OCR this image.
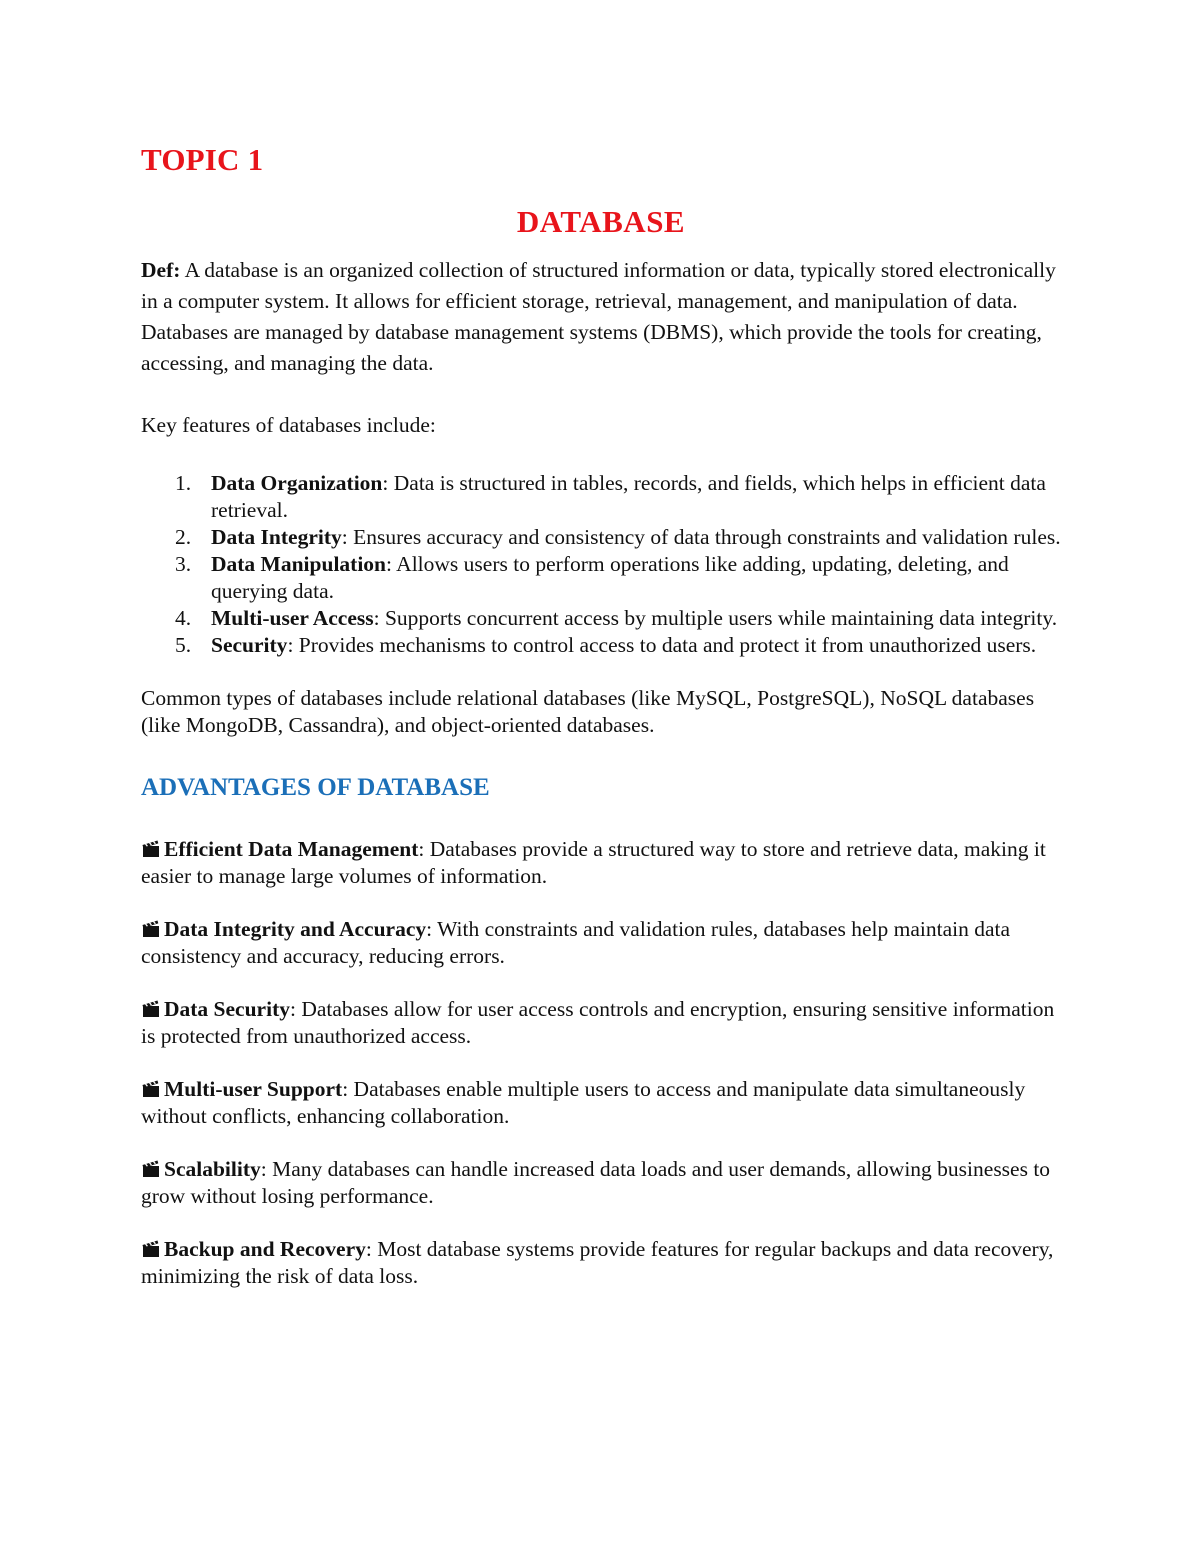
TOPIC 1
DATABASE

Def: A database is an organized collection of structured information or data, typically stored electronically in a computer system. It allows for efficient storage, retrieval, management, and manipulation of data. Databases are managed by database management systems (DBMS), which provide the tools for creating, accessing, and managing the data.

Key features of databases include:

1. Data Organization: Data is structured in tables, records, and fields, which helps in efficient data retrieval.
2. Data Integrity: Ensures accuracy and consistency of data through constraints and validation rules.
3. Data Manipulation: Allows users to perform operations like adding, updating, deleting, and querying data.
4. Multi-user Access: Supports concurrent access by multiple users while maintaining data integrity.
5. Security: Provides mechanisms to control access to data and protect it from unauthorized users.

Common types of databases include relational databases (like MySQL, PostgreSQL), NoSQL databases (like MongoDB, Cassandra), and object-oriented databases.

ADVANTAGES OF DATABASE

Efficient Data Management: Databases provide a structured way to store and retrieve data, making it easier to manage large volumes of information.

Data Integrity and Accuracy: With constraints and validation rules, databases help maintain data consistency and accuracy, reducing errors.

Data Security: Databases allow for user access controls and encryption, ensuring sensitive information is protected from unauthorized access.

Multi-user Support: Databases enable multiple users to access and manipulate data simultaneously without conflicts, enhancing collaboration.

Scalability: Many databases can handle increased data loads and user demands, allowing businesses to grow without losing performance.

Backup and Recovery: Most database systems provide features for regular backups and data recovery, minimizing the risk of data loss.
